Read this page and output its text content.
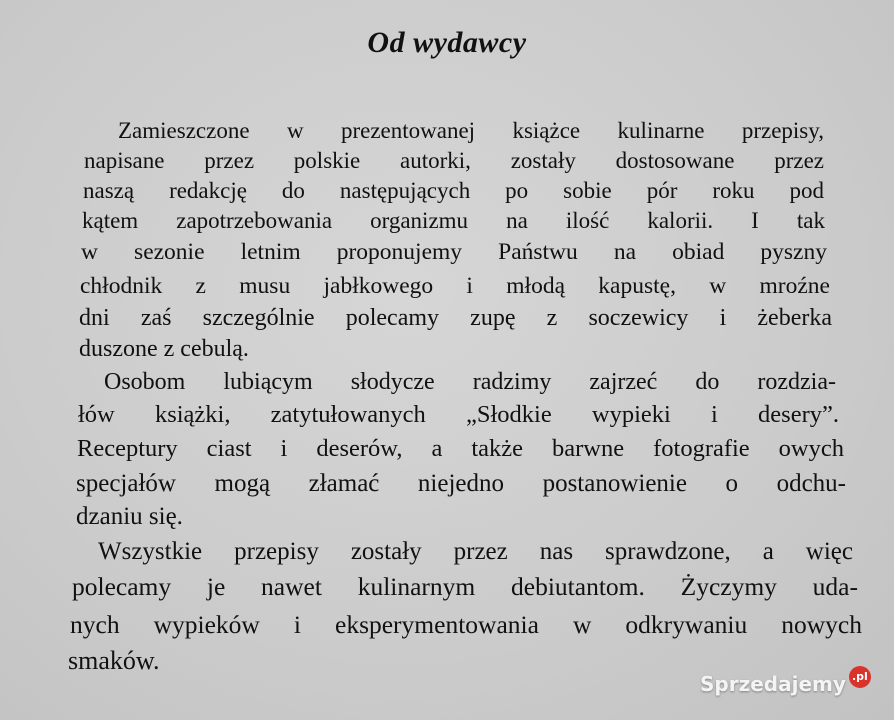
Od wydawcy
Zamieszczone w prezentowanej książce kulinarne przepisy,
napisane przez polskie autorki, zostały dostosowane przez
naszą redakcję do następujących po sobie pór roku pod
kątem zapotrzebowania organizmu na ilość kalorii. I tak
w sezonie letnim proponujemy Państwu na obiad pyszny
chłodnik z musu jabłkowego i młodą kapustę, w mroźne
dni zaś szczególnie polecamy zupę z soczewicy i żeberka
duszone z cebulą.
Osobom lubiącym słodycze radzimy zajrzeć do rozdzia-
łów książki, zatytułowanych „Słodkie wypieki i desery”.
Receptury ciast i deserów, a także barwne fotografie owych
specjałów mogą złamać niejedno postanowienie o odchu-
dzaniu się.
Wszystkie przepisy zostały przez nas sprawdzone, a więc
polecamy je nawet kulinarnym debiutantom. Życzymy uda-
nych wypieków i eksperymentowania w odkrywaniu nowych
smaków.
Sprzedajemy .pl
